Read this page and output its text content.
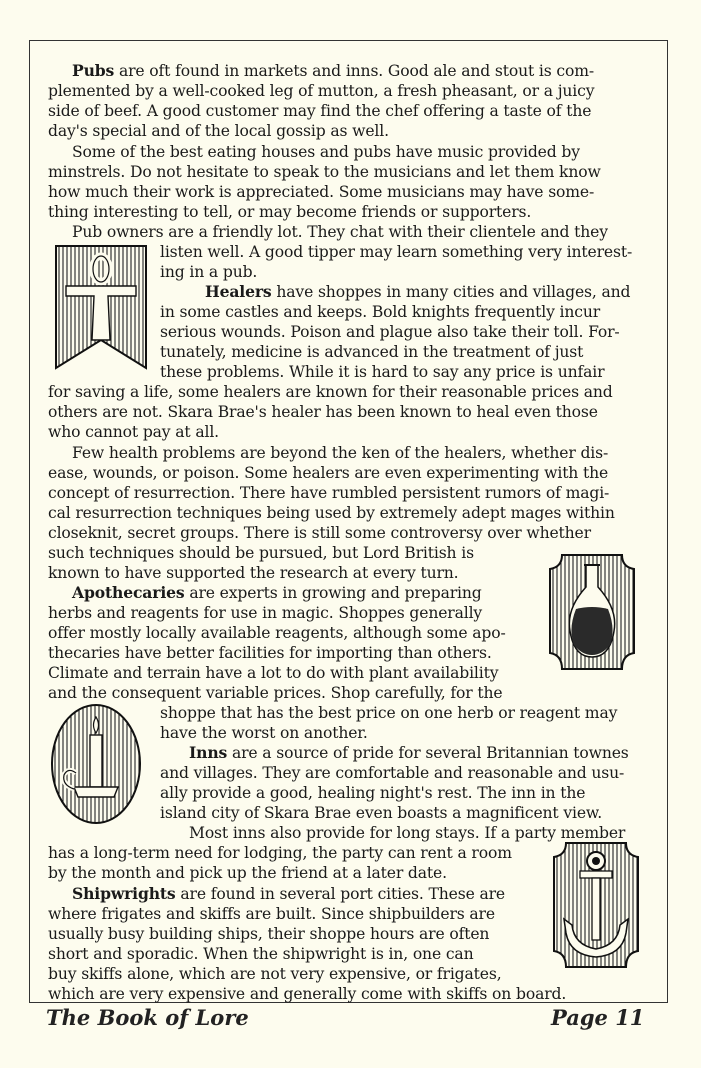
Pubs are oft found in markets and inns. Good ale and stout is com-
plemented by a well-cooked leg of mutton, a fresh pheasant, or a juicy
side of beef. A good customer may find the chef offering a taste of the
day's special and of the local gossip as well.
Some of the best eating houses and pubs have music provided by
minstrels. Do not hesitate to speak to the musicians and let them know
how much their work is appreciated. Some musicians may have some-
thing interesting to tell, or may become friends or supporters.
Pub owners are a friendly lot. They chat with their clientele and they
listen well. A good tipper may learn something very interest-
ing in a pub.
Healers have shoppes in many cities and villages, and
in some castles and keeps. Bold knights frequently incur
serious wounds. Poison and plague also take their toll. For-
tunately, medicine is advanced in the treatment of just
these problems. While it is hard to say any price is unfair
for saving a life, some healers are known for their reasonable prices and
others are not. Skara Brae's healer has been known to heal even those
who cannot pay at all.
Few health problems are beyond the ken of the healers, whether dis-
ease, wounds, or poison. Some healers are even experimenting with the
concept of resurrection. There have rumbled persistent rumors of magi-
cal resurrection techniques being used by extremely adept mages within
closeknit, secret groups. There is still some controversy over whether
such techniques should be pursued, but Lord British is
known to have supported the research at every turn.
Apothecaries are experts in growing and preparing
herbs and reagents for use in magic. Shoppes generally
offer mostly locally available reagents, although some apo-
thecaries have better facilities for importing than others.
Climate and terrain have a lot to do with plant availability
and the consequent variable prices. Shop carefully, for the
shoppe that has the best price on one herb or reagent may
have the worst on another.
Inns are a source of pride for several Britannian townes
and villages. They are comfortable and reasonable and usu-
ally provide a good, healing night's rest. The inn in the
island city of Skara Brae even boasts a magnificent view.
Most inns also provide for long stays. If a party member
has a long-term need for lodging, the party can rent a room
by the month and pick up the friend at a later date.
Shipwrights are found in several port cities. These are
where frigates and skiffs are built. Since shipbuilders are
usually busy building ships, their shoppe hours are often
short and sporadic. When the shipwright is in, one can
buy skiffs alone, which are not very expensive, or frigates,
which are very expensive and generally come with skiffs on board.
The Book of Lore	Page 11
